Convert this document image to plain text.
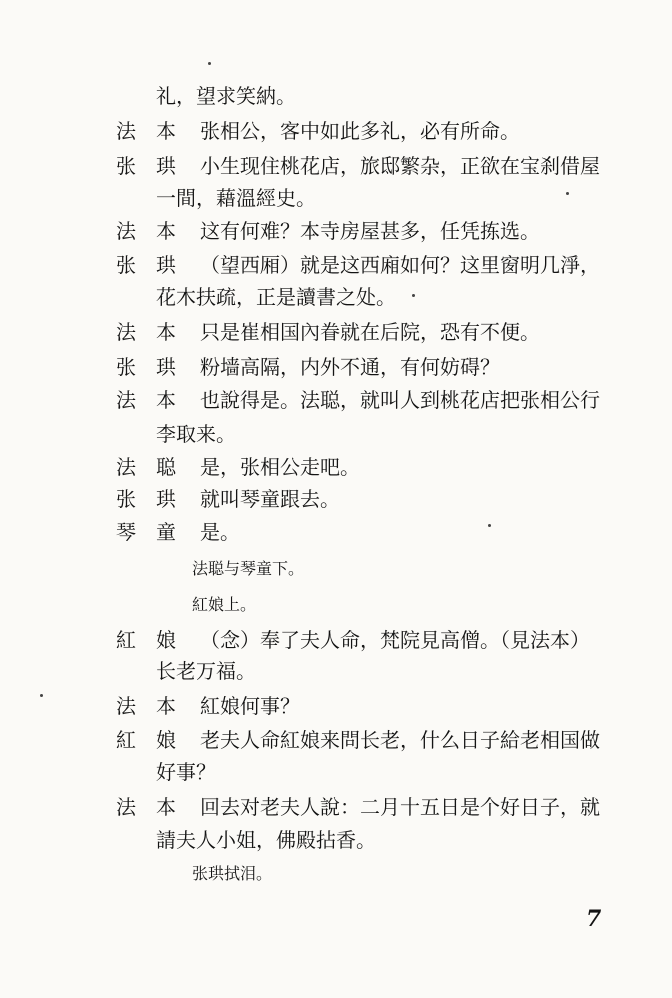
礼，望求笑納。
法　本	张相公，客中如此多礼，必有所命。
张　珙	小生现住桃花店，旅邸繁杂，正欲在宝刹借屋
一間，藉溫經史。
法　本	这有何难？本寺房屋甚多，任凭拣选。
张　珙	（望西厢）就是这西廂如何？这里窗明几淨，
花木扶疏，正是讀書之处。
法　本	只是崔相国內眷就在后院，恐有不便。
张　珙	粉墙高隔，内外不通，有何妨碍？
法　本	也說得是。法聪，就叫人到桃花店把张相公行
李取来。
法　聪	是，张相公走吧。
张　珙	就叫琴童跟去。
琴　童	是。
法聪与琴童下。
紅娘上。
紅　娘	（念）奉了夫人命，梵院見高僧。（見法本）
长老万福。
法　本	紅娘何事？
紅　娘	老夫人命紅娘来問长老，什么日子給老相国做
好事？
法　本	回去对老夫人說：二月十五日是个好日子，就
請夫人小姐，佛殿拈香。
张珙拭泪。
7
